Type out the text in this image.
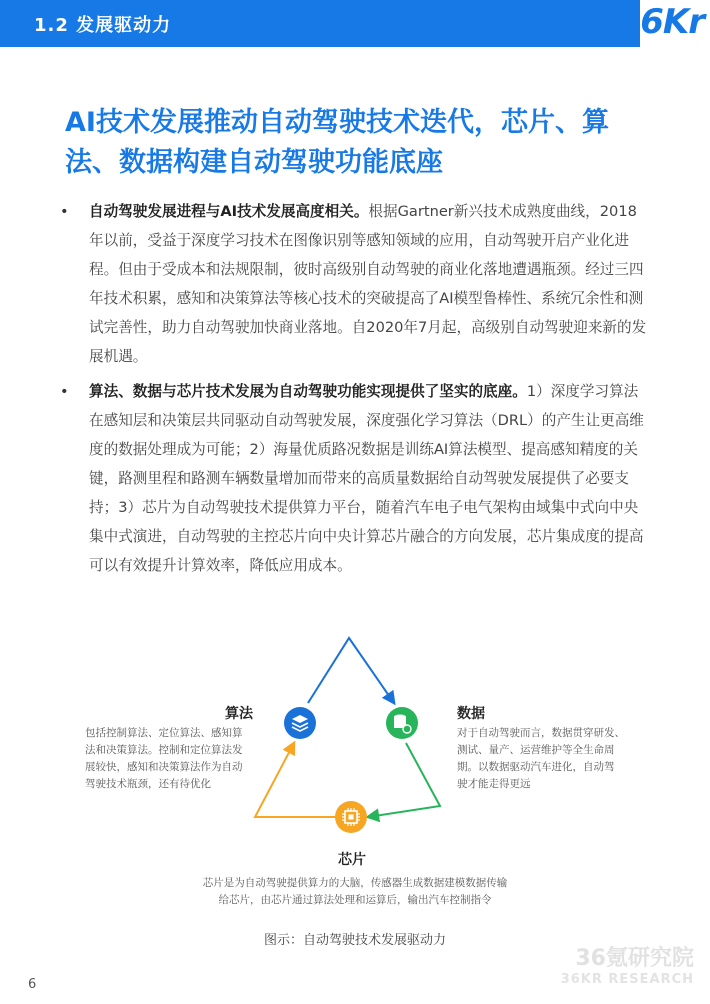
1.2 发展驱动力	36Kr
AI技术发展推动自动驾驶技术迭代，芯片、算
法、数据构建自动驾驶功能底座
• 自动驾驶发展进程与AI技术发展高度相关。根据Gartner新兴技术成熟度曲线，2018年以前，受益于深度学习技术在图像识别等感知领域的应用，自动驾驶开启产业化进程。但由于受成本和法规限制，彼时高级别自动驾驶的商业化落地遭遇瓶颈。经过三四年技术积累，感知和决策算法等核心技术的突破提高了AI模型鲁棒性、系统冗余性和测试完善性，助力自动驾驶加快商业落地。自2020年7月起，高级别自动驾驶迎来新的发展机遇。
• 算法、数据与芯片技术发展为自动驾驶功能实现提供了坚实的底座。1）深度学习算法在感知层和决策层共同驱动自动驾驶发展，深度强化学习算法（DRL）的产生让更高维度的数据处理成为可能；2）海量优质路况数据是训练AI算法模型、提高感知精度的关键，路测里程和路测车辆数量增加而带来的高质量数据给自动驾驶发展提供了必要支持；3）芯片为自动驾驶技术提供算力平台，随着汽车电子电气架构由域集中式向中央集中式演进，自动驾驶的主控芯片向中央计算芯片融合的方向发展，芯片集成度的提高可以有效提升计算效率，降低应用成本。
算法
包括控制算法、定位算法、感知算
法和决策算法。控制和定位算法发
展较快，感知和决策算法作为自动
驾驶技术瓶颈，还有待优化
数据
对于自动驾驶而言，数据贯穿研发、
测试、量产、运营维护等全生命周
期。以数据驱动汽车进化，自动驾
驶才能走得更远
芯片
芯片是为自动驾驶提供算力的大脑，传感器生成数据建模数据传输
给芯片，由芯片通过算法处理和运算后，输出汽车控制指令
图示：自动驾驶技术发展驱动力
36氪研究院
36KR RESEARCH
6
